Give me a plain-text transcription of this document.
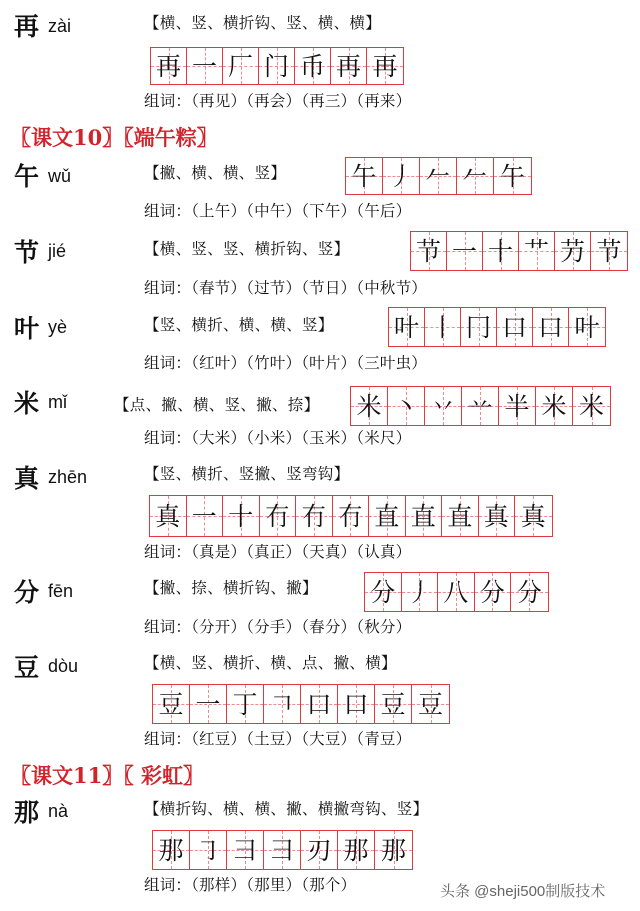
再 zài	【横、竖、横折钩、竖、横、横】
再 一 厂 门 币 再 再
组词：（再见）（再会）（再三）（再来）
〖课文10〗〖端午粽〗
午 wǔ	【撇、横、横、竖】	午 丿 𠂉 𠂉 午
组词：（上午）（中午）（下午）（午后）
节 jié	【横、竖、竖、横折钩、竖】	节 一 十 艹 芀 节
组词：（春节）（过节）（节日）（中秋节）
叶 yè	【竖、横折、横、横、竖】 叶 丨 冂 口 口 叶
组词：（红叶）（竹叶）（叶片）（三叶虫）
米 mǐ	【点、撇、横、竖、撇、捺】 米 丶 丷 䒑 半 米 米
组词：（大米）（小米）（玉米）（米尺）
真 zhēn	【竖、横折、竖撇、竖弯钩】
真 一 十 冇 冇 冇 直 直 直 真 真
组词：（真是）（真正）（天真）（认真）
分 fēn	【撇、捺、横折钩、撇】 分 丿 八 分 分
组词：（分开）（分手）（春分）（秋分）
豆 dòu	【横、竖、横折、横、点、撇、横】
豆 一 丁 𠃍 口 口 豆 豆
组词：（红豆）（土豆）（大豆）（青豆）
〖课文11〗〖 彩虹〗
那 nà	【横折钩、横、横、撇、横撇弯钩、竖】
那 ㇆ 彐 彐 刃 那 那
组词：（那样）（那里）（那个）	头条 @sheji500制版技术
